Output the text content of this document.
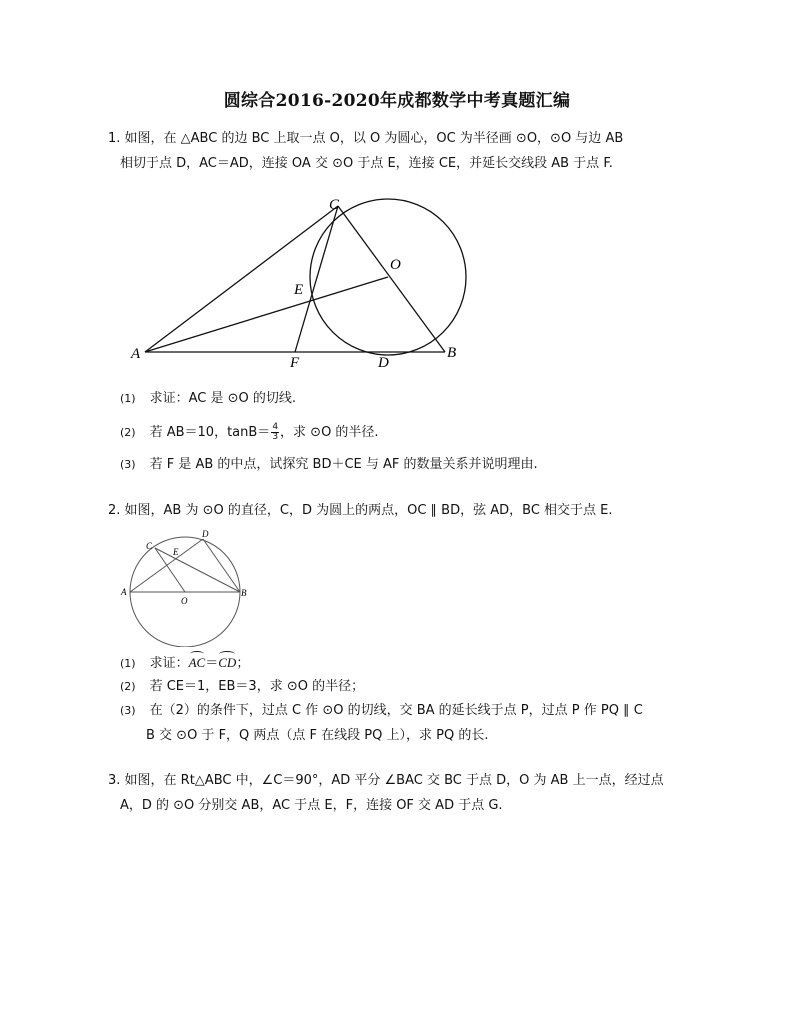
圆综合2016-2020年成都数学中考真题汇编
1. 如图，在 △ABC 的边 BC 上取一点 O，以 O 为圆心，OC 为半径画 ⊙O，⊙O 与边 AB
相切于点 D，AC＝AD，连接 OA 交 ⊙O 于点 E，连接 CE，并延长交线段 AB 于点 F.
C
O
E
A
F	D
B
(1) 求证：AC 是 ⊙O 的切线.
(2) 若 AB＝10，$\tan B= \frac{4}{3}$ ，求 ⊙O 的半径.
(3) 若 F 是 AB 的中点，试探究 BD＋CE 与 AF 的数量关系并说明理由.
2. 如图，AB 为 ⊙O 的直径，C，D 为圆上的两点，OC ∥ BD，弦 AD，BC 相交于点 E.
C
E
D
A
O
B
(1) 求证：AC＝CD；
(2) 若 CE＝1，EB＝3，求 ⊙O 的半径；
(3) 在（2）的条件下，过点 C 作 ⊙O 的切线，交 BA 的延长线于点 P，过点 P 作 PQ ∥ C
B 交 ⊙O 于 F，Q 两点（点 F 在线段 PQ 上），求 PQ 的长.
3. 如图，在 Rt△ABC 中，∠C＝90°，AD 平分 ∠BAC 交 BC 于点 D，O 为 AB 上一点，经过点
A，D 的 ⊙O 分别交 AB，AC 于点 E，F，连接 OF 交 AD 于点 G.
